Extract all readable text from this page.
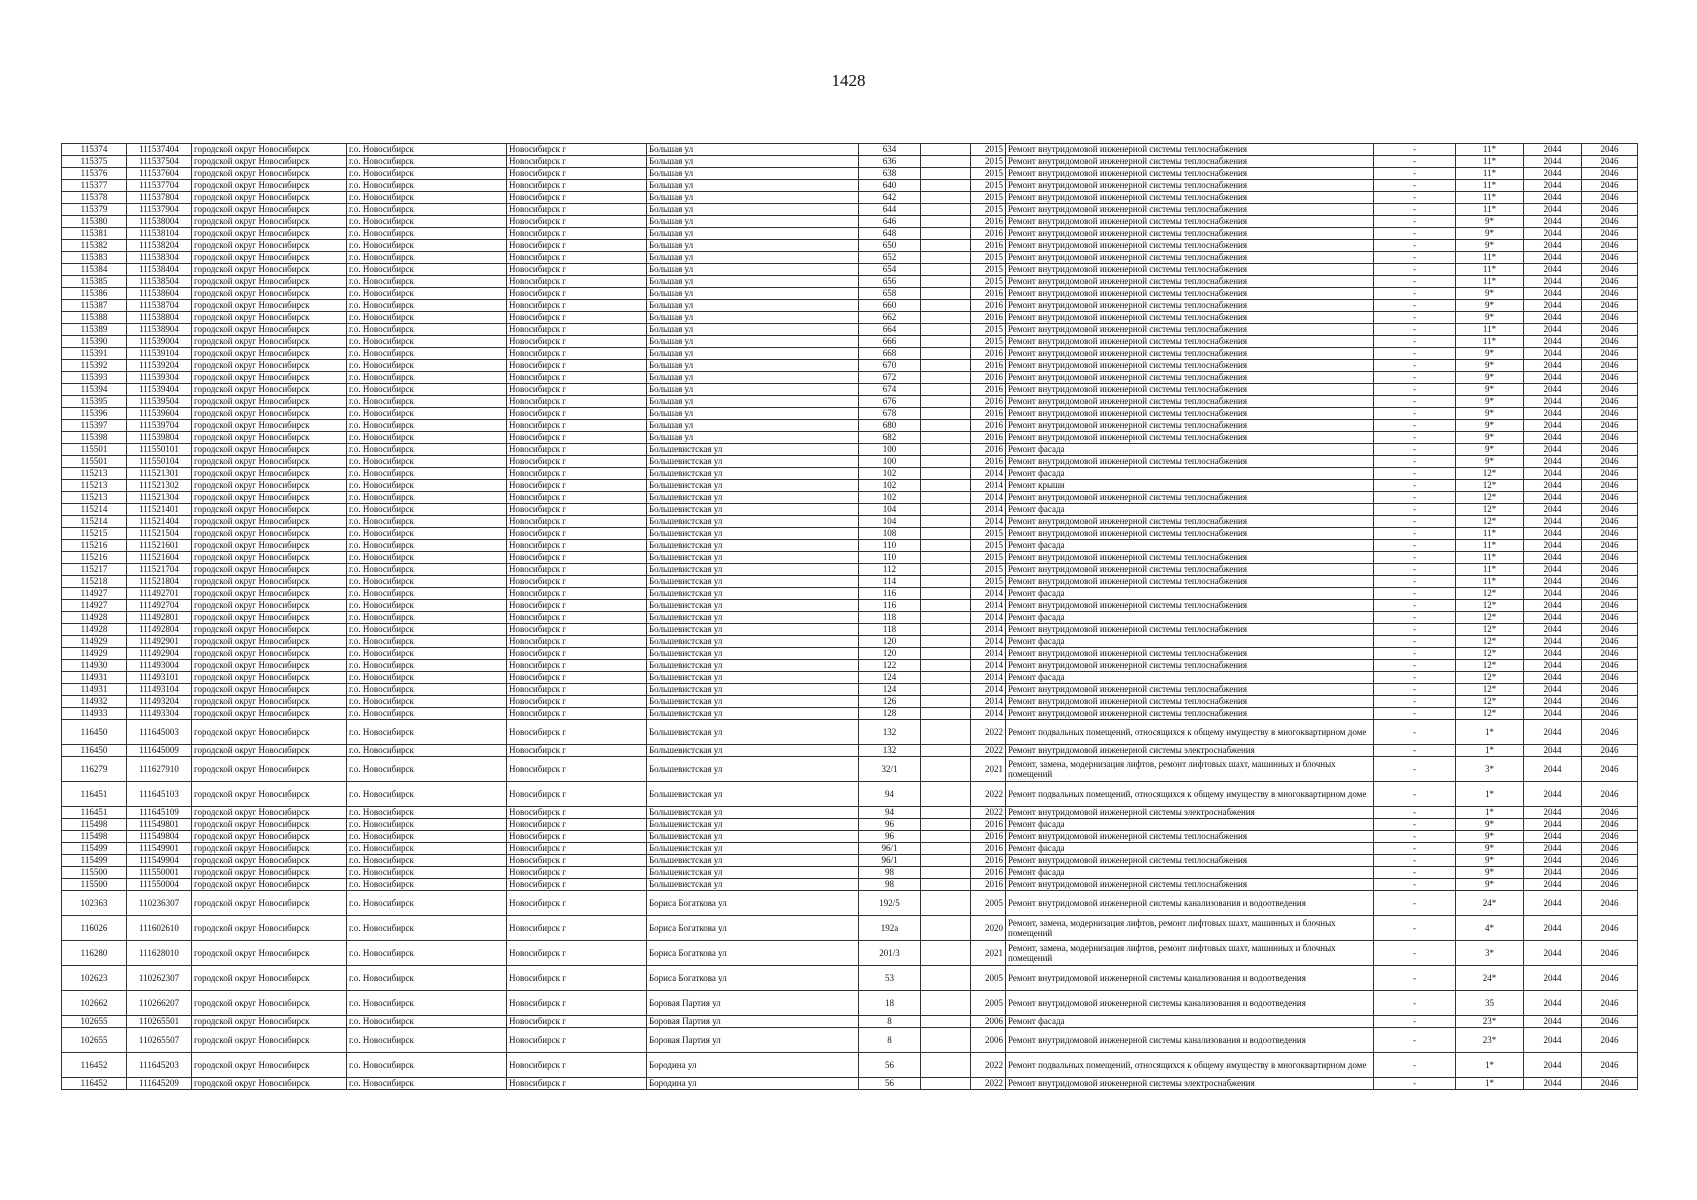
1428
115374	111537404	городской округ Новосибирск	г.о. Новосибирск	Новосибирск г	Большая ул	634		2015	Ремонт внутридомовой инженерной системы теплоснабжения	-	11*	2044	2046
115375	111537504	городской округ Новосибирск	г.о. Новосибирск	Новосибирск г	Большая ул	636		2015	Ремонт внутридомовой инженерной системы теплоснабжения	-	11*	2044	2046
115376	111537604	городской округ Новосибирск	г.о. Новосибирск	Новосибирск г	Большая ул	638		2015	Ремонт внутридомовой инженерной системы теплоснабжения	-	11*	2044	2046
115377	111537704	городской округ Новосибирск	г.о. Новосибирск	Новосибирск г	Большая ул	640		2015	Ремонт внутридомовой инженерной системы теплоснабжения	-	11*	2044	2046
115378	111537804	городской округ Новосибирск	г.о. Новосибирск	Новосибирск г	Большая ул	642		2015	Ремонт внутридомовой инженерной системы теплоснабжения	-	11*	2044	2046
115379	111537904	городской округ Новосибирск	г.о. Новосибирск	Новосибирск г	Большая ул	644		2015	Ремонт внутридомовой инженерной системы теплоснабжения	-	11*	2044	2046
115380	111538004	городской округ Новосибирск	г.о. Новосибирск	Новосибирск г	Большая ул	646		2016	Ремонт внутридомовой инженерной системы теплоснабжения	-	9*	2044	2046
115381	111538104	городской округ Новосибирск	г.о. Новосибирск	Новосибирск г	Большая ул	648		2016	Ремонт внутридомовой инженерной системы теплоснабжения	-	9*	2044	2046
115382	111538204	городской округ Новосибирск	г.о. Новосибирск	Новосибирск г	Большая ул	650		2016	Ремонт внутридомовой инженерной системы теплоснабжения	-	9*	2044	2046
115383	111538304	городской округ Новосибирск	г.о. Новосибирск	Новосибирск г	Большая ул	652		2015	Ремонт внутридомовой инженерной системы теплоснабжения	-	11*	2044	2046
115384	111538404	городской округ Новосибирск	г.о. Новосибирск	Новосибирск г	Большая ул	654		2015	Ремонт внутридомовой инженерной системы теплоснабжения	-	11*	2044	2046
115385	111538504	городской округ Новосибирск	г.о. Новосибирск	Новосибирск г	Большая ул	656		2015	Ремонт внутридомовой инженерной системы теплоснабжения	-	11*	2044	2046
115386	111538604	городской округ Новосибирск	г.о. Новосибирск	Новосибирск г	Большая ул	658		2016	Ремонт внутридомовой инженерной системы теплоснабжения	-	9*	2044	2046
115387	111538704	городской округ Новосибирск	г.о. Новосибирск	Новосибирск г	Большая ул	660		2016	Ремонт внутридомовой инженерной системы теплоснабжения	-	9*	2044	2046
115388	111538804	городской округ Новосибирск	г.о. Новосибирск	Новосибирск г	Большая ул	662		2016	Ремонт внутридомовой инженерной системы теплоснабжения	-	9*	2044	2046
115389	111538904	городской округ Новосибирск	г.о. Новосибирск	Новосибирск г	Большая ул	664		2015	Ремонт внутридомовой инженерной системы теплоснабжения	-	11*	2044	2046
115390	111539004	городской округ Новосибирск	г.о. Новосибирск	Новосибирск г	Большая ул	666		2015	Ремонт внутридомовой инженерной системы теплоснабжения	-	11*	2044	2046
115391	111539104	городской округ Новосибирск	г.о. Новосибирск	Новосибирск г	Большая ул	668		2016	Ремонт внутридомовой инженерной системы теплоснабжения	-	9*	2044	2046
115392	111539204	городской округ Новосибирск	г.о. Новосибирск	Новосибирск г	Большая ул	670		2016	Ремонт внутридомовой инженерной системы теплоснабжения	-	9*	2044	2046
115393	111539304	городской округ Новосибирск	г.о. Новосибирск	Новосибирск г	Большая ул	672		2016	Ремонт внутридомовой инженерной системы теплоснабжения	-	9*	2044	2046
115394	111539404	городской округ Новосибирск	г.о. Новосибирск	Новосибирск г	Большая ул	674		2016	Ремонт внутридомовой инженерной системы теплоснабжения	-	9*	2044	2046
115395	111539504	городской округ Новосибирск	г.о. Новосибирск	Новосибирск г	Большая ул	676		2016	Ремонт внутридомовой инженерной системы теплоснабжения	-	9*	2044	2046
115396	111539604	городской округ Новосибирск	г.о. Новосибирск	Новосибирск г	Большая ул	678		2016	Ремонт внутридомовой инженерной системы теплоснабжения	-	9*	2044	2046
115397	111539704	городской округ Новосибирск	г.о. Новосибирск	Новосибирск г	Большая ул	680		2016	Ремонт внутридомовой инженерной системы теплоснабжения	-	9*	2044	2046
115398	111539804	городской округ Новосибирск	г.о. Новосибирск	Новосибирск г	Большая ул	682		2016	Ремонт внутридомовой инженерной системы теплоснабжения	-	9*	2044	2046
115501	111550101	городской округ Новосибирск	г.о. Новосибирск	Новосибирск г	Большевистская ул	100		2016	Ремонт фасада	-	9*	2044	2046
115501	111550104	городской округ Новосибирск	г.о. Новосибирск	Новосибирск г	Большевистская ул	100		2016	Ремонт внутридомовой инженерной системы теплоснабжения	-	9*	2044	2046
115213	111521301	городской округ Новосибирск	г.о. Новосибирск	Новосибирск г	Большевистская ул	102		2014	Ремонт фасада	-	12*	2044	2046
115213	111521302	городской округ Новосибирск	г.о. Новосибирск	Новосибирск г	Большевистская ул	102		2014	Ремонт крыши	-	12*	2044	2046
115213	111521304	городской округ Новосибирск	г.о. Новосибирск	Новосибирск г	Большевистская ул	102		2014	Ремонт внутридомовой инженерной системы теплоснабжения	-	12*	2044	2046
115214	111521401	городской округ Новосибирск	г.о. Новосибирск	Новосибирск г	Большевистская ул	104		2014	Ремонт фасада	-	12*	2044	2046
115214	111521404	городской округ Новосибирск	г.о. Новосибирск	Новосибирск г	Большевистская ул	104		2014	Ремонт внутридомовой инженерной системы теплоснабжения	-	12*	2044	2046
115215	111521504	городской округ Новосибирск	г.о. Новосибирск	Новосибирск г	Большевистская ул	108		2015	Ремонт внутридомовой инженерной системы теплоснабжения	-	11*	2044	2046
115216	111521601	городской округ Новосибирск	г.о. Новосибирск	Новосибирск г	Большевистская ул	110		2015	Ремонт фасада	-	11*	2044	2046
115216	111521604	городской округ Новосибирск	г.о. Новосибирск	Новосибирск г	Большевистская ул	110		2015	Ремонт внутридомовой инженерной системы теплоснабжения	-	11*	2044	2046
115217	111521704	городской округ Новосибирск	г.о. Новосибирск	Новосибирск г	Большевистская ул	112		2015	Ремонт внутридомовой инженерной системы теплоснабжения	-	11*	2044	2046
115218	111521804	городской округ Новосибирск	г.о. Новосибирск	Новосибирск г	Большевистская ул	114		2015	Ремонт внутридомовой инженерной системы теплоснабжения	-	11*	2044	2046
114927	111492701	городской округ Новосибирск	г.о. Новосибирск	Новосибирск г	Большевистская ул	116		2014	Ремонт фасада	-	12*	2044	2046
114927	111492704	городской округ Новосибирск	г.о. Новосибирск	Новосибирск г	Большевистская ул	116		2014	Ремонт внутридомовой инженерной системы теплоснабжения	-	12*	2044	2046
114928	111492801	городской округ Новосибирск	г.о. Новосибирск	Новосибирск г	Большевистская ул	118		2014	Ремонт фасада	-	12*	2044	2046
114928	111492804	городской округ Новосибирск	г.о. Новосибирск	Новосибирск г	Большевистская ул	118		2014	Ремонт внутридомовой инженерной системы теплоснабжения	-	12*	2044	2046
114929	111492901	городской округ Новосибирск	г.о. Новосибирск	Новосибирск г	Большевистская ул	120		2014	Ремонт фасада	-	12*	2044	2046
114929	111492904	городской округ Новосибирск	г.о. Новосибирск	Новосибирск г	Большевистская ул	120		2014	Ремонт внутридомовой инженерной системы теплоснабжения	-	12*	2044	2046
114930	111493004	городской округ Новосибирск	г.о. Новосибирск	Новосибирск г	Большевистская ул	122		2014	Ремонт внутридомовой инженерной системы теплоснабжения	-	12*	2044	2046
114931	111493101	городской округ Новосибирск	г.о. Новосибирск	Новосибирск г	Большевистская ул	124		2014	Ремонт фасада	-	12*	2044	2046
114931	111493104	городской округ Новосибирск	г.о. Новосибирск	Новосибирск г	Большевистская ул	124		2014	Ремонт внутридомовой инженерной системы теплоснабжения	-	12*	2044	2046
114932	111493204	городской округ Новосибирск	г.о. Новосибирск	Новосибирск г	Большевистская ул	126		2014	Ремонт внутридомовой инженерной системы теплоснабжения	-	12*	2044	2046
114933	111493304	городской округ Новосибирск	г.о. Новосибирск	Новосибирск г	Большевистская ул	128		2014	Ремонт внутридомовой инженерной системы теплоснабжения	-	12*	2044	2046
116450	111645003	городской округ Новосибирск	г.о. Новосибирск	Новосибирск г	Большевистская ул	132		2022	Ремонт подвальных помещений, относящихся к общему имуществу в многоквартирном доме	-	1*	2044	2046
116450	111645009	городской округ Новосибирск	г.о. Новосибирск	Новосибирск г	Большевистская ул	132		2022	Ремонт внутридомовой инженерной системы электроснабжения	-	1*	2044	2046
116279	111627910	городской округ Новосибирск	г.о. Новосибирск	Новосибирск г	Большевистская ул	32/1		2021	Ремонт, замена, модернизация лифтов, ремонт лифтовых шахт, машинных и блочных помещений	-	3*	2044	2046
116451	111645103	городской округ Новосибирск	г.о. Новосибирск	Новосибирск г	Большевистская ул	94		2022	Ремонт подвальных помещений, относящихся к общему имуществу в многоквартирном доме	-	1*	2044	2046
116451	111645109	городской округ Новосибирск	г.о. Новосибирск	Новосибирск г	Большевистская ул	94		2022	Ремонт внутридомовой инженерной системы электроснабжения	-	1*	2044	2046
115498	111549801	городской округ Новосибирск	г.о. Новосибирск	Новосибирск г	Большевистская ул	96		2016	Ремонт фасада	-	9*	2044	2046
115498	111549804	городской округ Новосибирск	г.о. Новосибирск	Новосибирск г	Большевистская ул	96		2016	Ремонт внутридомовой инженерной системы теплоснабжения	-	9*	2044	2046
115499	111549901	городской округ Новосибирск	г.о. Новосибирск	Новосибирск г	Большевистская ул	96/1		2016	Ремонт фасада	-	9*	2044	2046
115499	111549904	городской округ Новосибирск	г.о. Новосибирск	Новосибирск г	Большевистская ул	96/1		2016	Ремонт внутридомовой инженерной системы теплоснабжения	-	9*	2044	2046
115500	111550001	городской округ Новосибирск	г.о. Новосибирск	Новосибирск г	Большевистская ул	98		2016	Ремонт фасада	-	9*	2044	2046
115500	111550004	городской округ Новосибирск	г.о. Новосибирск	Новосибирск г	Большевистская ул	98		2016	Ремонт внутридомовой инженерной системы теплоснабжения	-	9*	2044	2046
102363	110236307	городской округ Новосибирск	г.о. Новосибирск	Новосибирск г	Бориса Богаткова ул	192/5		2005	Ремонт внутридомовой инженерной системы канализования и водоотведения	-	24*	2044	2046
116026	111602610	городской округ Новосибирск	г.о. Новосибирск	Новосибирск г	Бориса Богаткова ул	192а		2020	Ремонт, замена, модернизация лифтов, ремонт лифтовых шахт, машинных и блочных помещений	-	4*	2044	2046
116280	111628010	городской округ Новосибирск	г.о. Новосибирск	Новосибирск г	Бориса Богаткова ул	201/3		2021	Ремонт, замена, модернизация лифтов, ремонт лифтовых шахт, машинных и блочных помещений	-	3*	2044	2046
102623	110262307	городской округ Новосибирск	г.о. Новосибирск	Новосибирск г	Бориса Богаткова ул	53		2005	Ремонт внутридомовой инженерной системы канализования и водоотведения	-	24*	2044	2046
102662	110266207	городской округ Новосибирск	г.о. Новосибирск	Новосибирск г	Боровая Партия ул	18		2005	Ремонт внутридомовой инженерной системы канализования и водоотведения	-	35	2044	2046
102655	110265501	городской округ Новосибирск	г.о. Новосибирск	Новосибирск г	Боровая Партия ул	8		2006	Ремонт фасада	-	23*	2044	2046
102655	110265507	городской округ Новосибирск	г.о. Новосибирск	Новосибирск г	Боровая Партия ул	8		2006	Ремонт внутридомовой инженерной системы канализования и водоотведения	-	23*	2044	2046
116452	111645203	городской округ Новосибирск	г.о. Новосибирск	Новосибирск г	Бородина ул	56		2022	Ремонт подвальных помещений, относящихся к общему имуществу в многоквартирном доме	-	1*	2044	2046
116452	111645209	городской округ Новосибирск	г.о. Новосибирск	Новосибирск г	Бородина ул	56		2022	Ремонт внутридомовой инженерной системы электроснабжения	-	1*	2044	2046
